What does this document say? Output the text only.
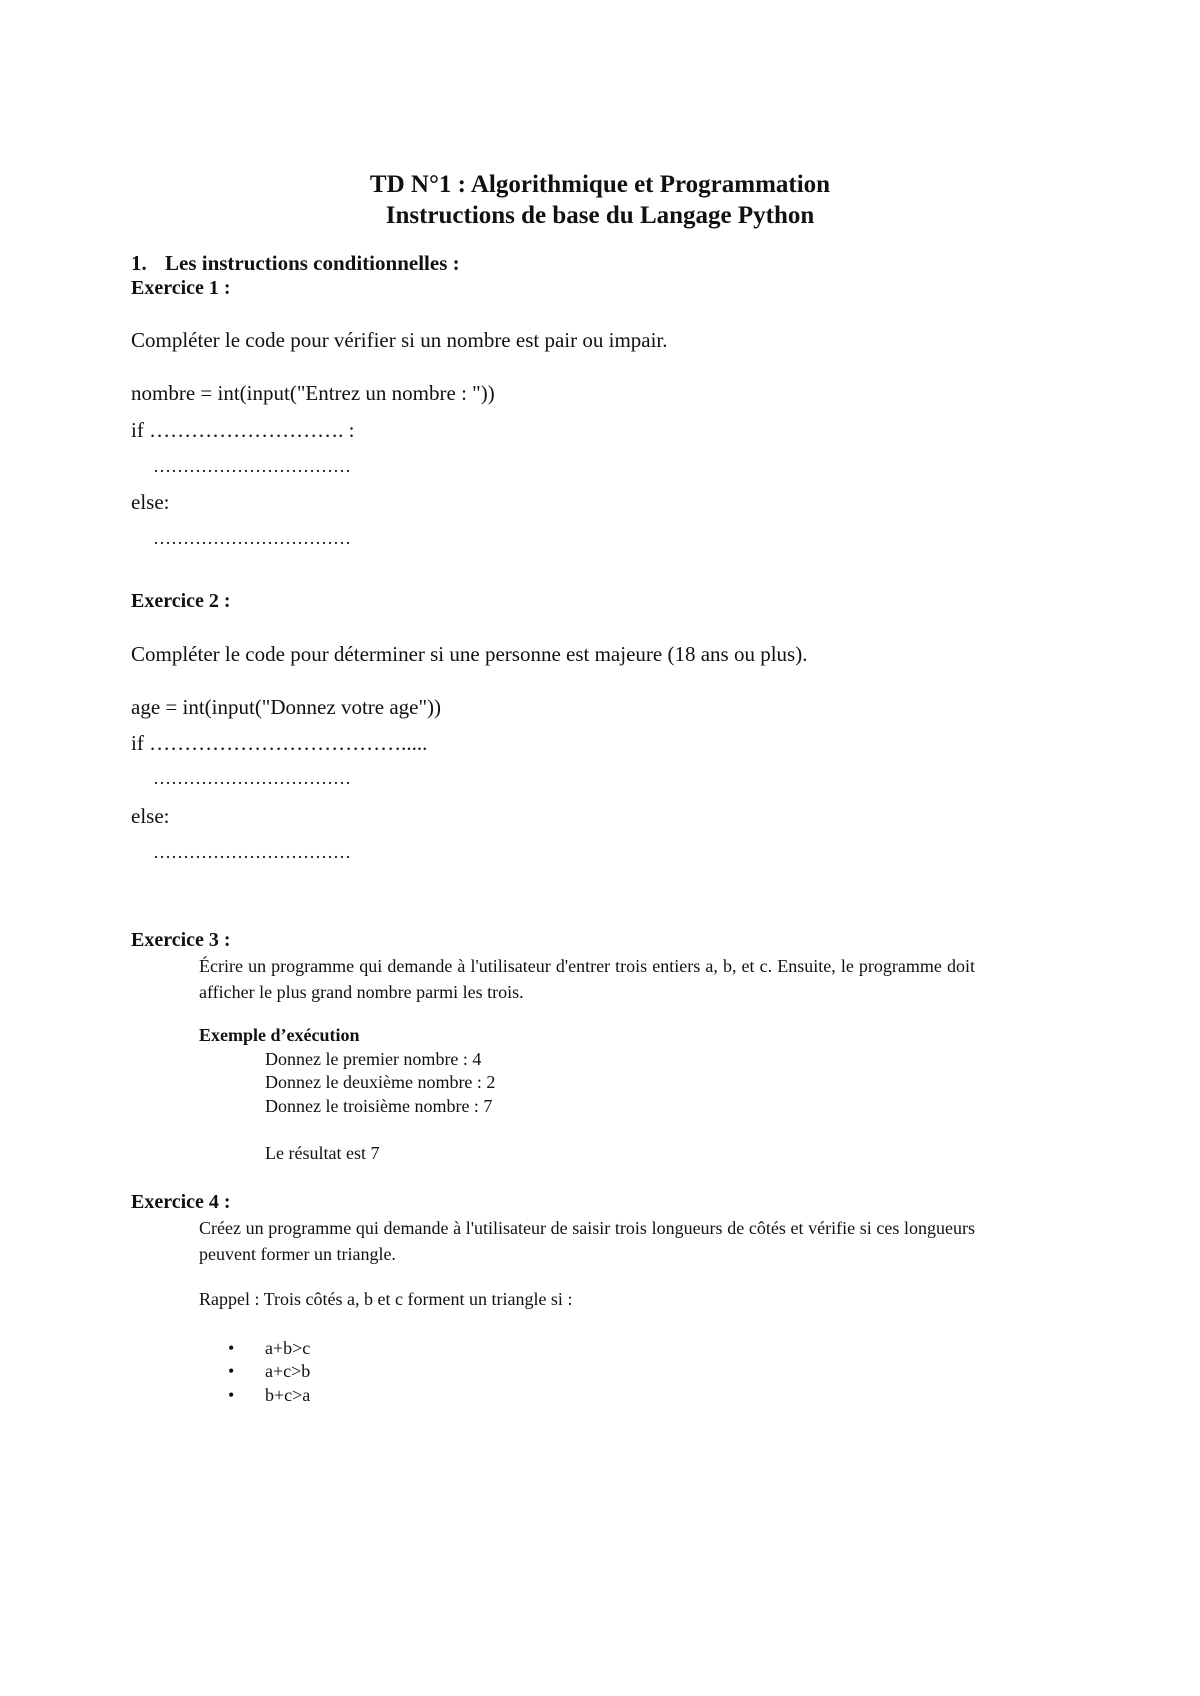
TD N°1 : Algorithmique et Programmation
Instructions de base du Langage Python
1. Les instructions conditionnelles :
Exercice 1 :
Compléter le code pour vérifier si un nombre est pair ou impair.
nombre = int(input("Entrez un nombre : "))
if ………………………. :
……………………………
else:
……………………………
Exercice 2 :
Compléter le code pour déterminer si une personne est majeure (18 ans ou plus).
age = int(input("Donnez votre age"))
if ……………………………….....
……………………………
else:
……………………………
Exercice 3 :
Écrire un programme qui demande à l'utilisateur d'entrer trois entiers a, b, et c. Ensuite, le programme doit afficher le plus grand nombre parmi les trois.
Exemple d’exécution
Donnez le premier nombre : 4
Donnez le deuxième nombre : 2
Donnez le troisième nombre : 7
Le résultat est 7
Exercice 4 :
Créez un programme qui demande à l'utilisateur de saisir trois longueurs de côtés et vérifie si ces longueurs peuvent former un triangle.
Rappel : Trois côtés a, b et c forment un triangle si :
• a+b>c
• a+c>b
• b+c>a
